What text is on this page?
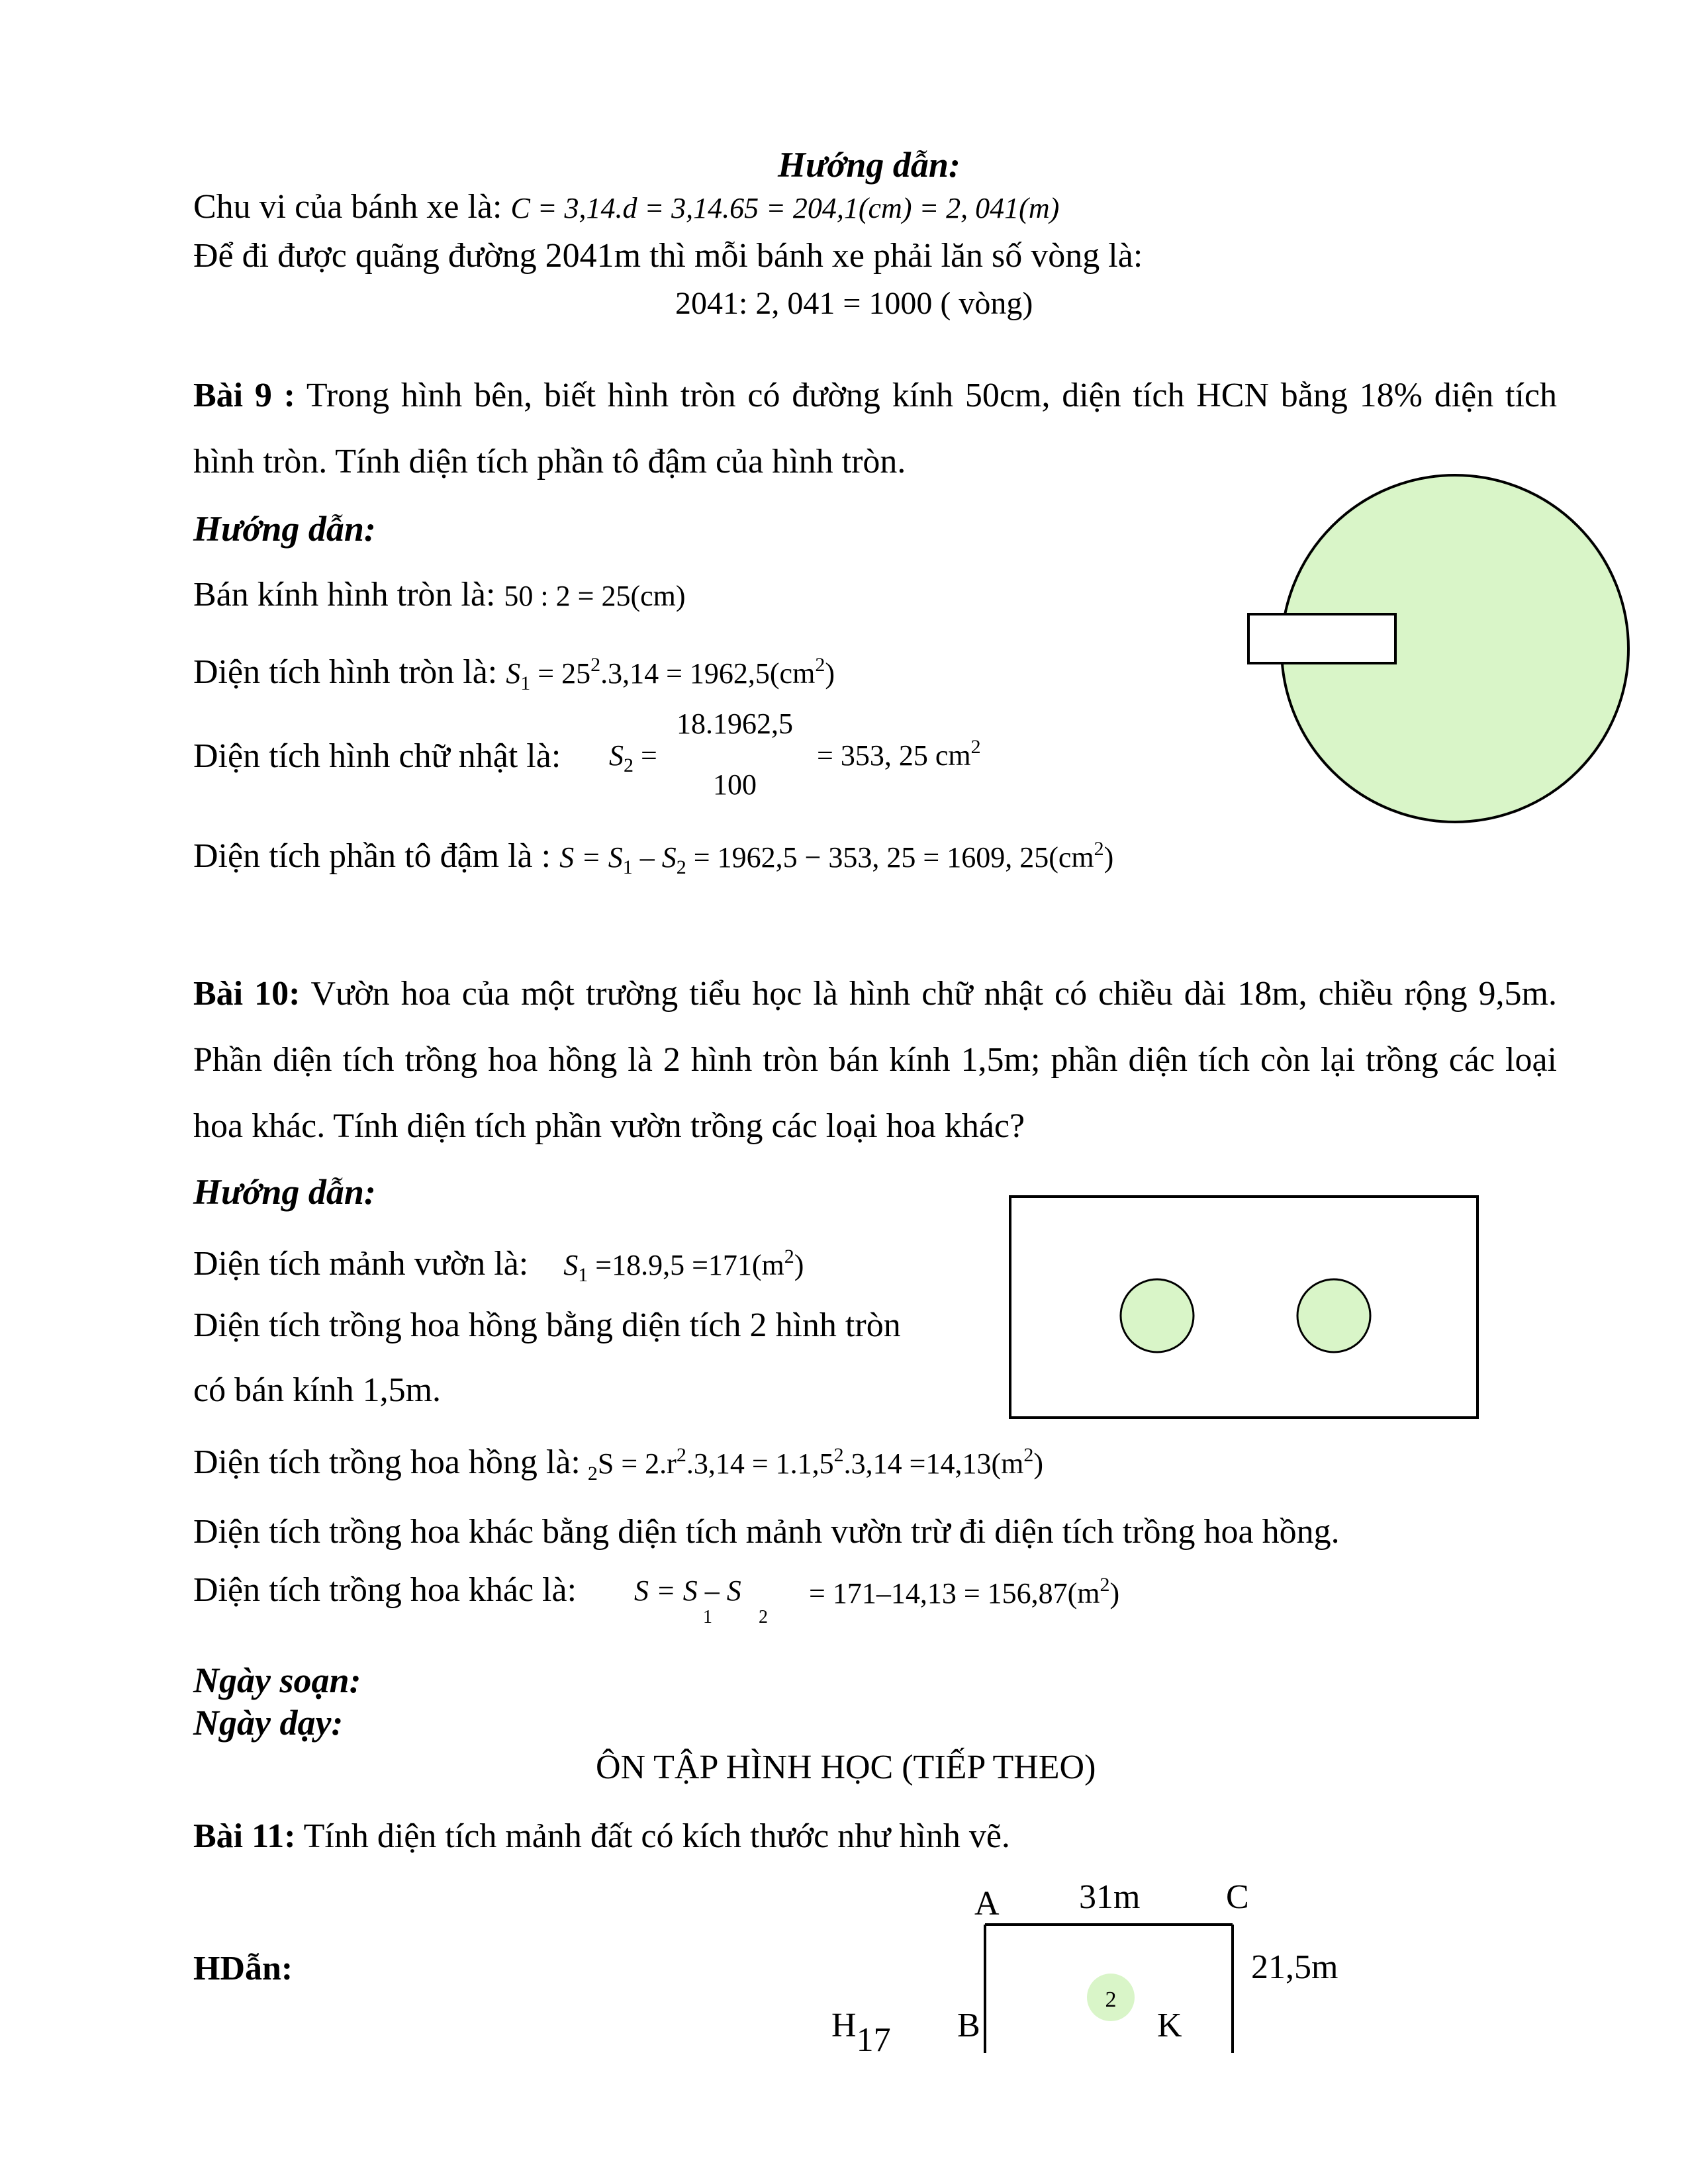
Hướng dẫn:
Chu vi của bánh xe là: C = 3,14.d = 3,14.65 = 204,1(cm) = 2, 041(m)
Để đi được quãng đường 2041m thì mỗi bánh xe phải lăn số vòng là:
2041: 2, 041 = 1000 ( vòng)
Bài 9 : Trong hình bên, biết hình tròn có đường kính 50cm, diện tích HCN bằng 18% diện tích hình tròn. Tính diện tích phần tô đậm của hình tròn.
Hướng dẫn:
Bán kính hình tròn là: 50 : 2 = 25(cm)
Diện tích hình tròn là: $S_1 = 25^2.3,14 = 1962,5(cm^2)$
Diện tích hình chữ nhật là: $S_2$ =
18.1962,5
100
= 353, 25 $cm^2$
Diện tích phần tô đậm là : $S = S_1 - S_2 = 1962,5 - 353$, 25 = 1609, $25(cm^2)$
Bài 10: Vườn hoa của một trường tiểu học là hình chữ nhật có chiều dài 18m, chiều rộng 9,5m. Phần diện tích trồng hoa hồng là 2 hình tròn bán kính 1,5m; phần diện tích còn lại trồng các loại hoa khác. Tính diện tích phần vườn trồng các loại hoa khác?
Hướng dẫn:
Diện tích mảnh vườn là: $S_1 =18.9,5 =171(m^2)$
Diện tích trồng hoa hồng bằng diện tích 2 hình tròn
có bán kính 1,5m.
Diện tích trồng hoa hồng là: $_2S = 2.r^2.3,14 = 1.1,5^2.3,14 =14,13(m^2)$
Diện tích trồng hoa khác bằng diện tích mảnh vườn trừ đi diện tích trồng hoa hồng.
Diện tích trồng hoa khác là: S = S – S
1	2
= $171-14,13 = 156,87(m^2)$
Ngày soạn:
Ngày dạy:
ÔN TẬP HÌNH HỌC (TIẾP THEO)
Bài 11: Tính diện tích mảnh đất có kích thước như hình vẽ.
HDẫn:
A 31m C
21,5m
B	K
H17
2
